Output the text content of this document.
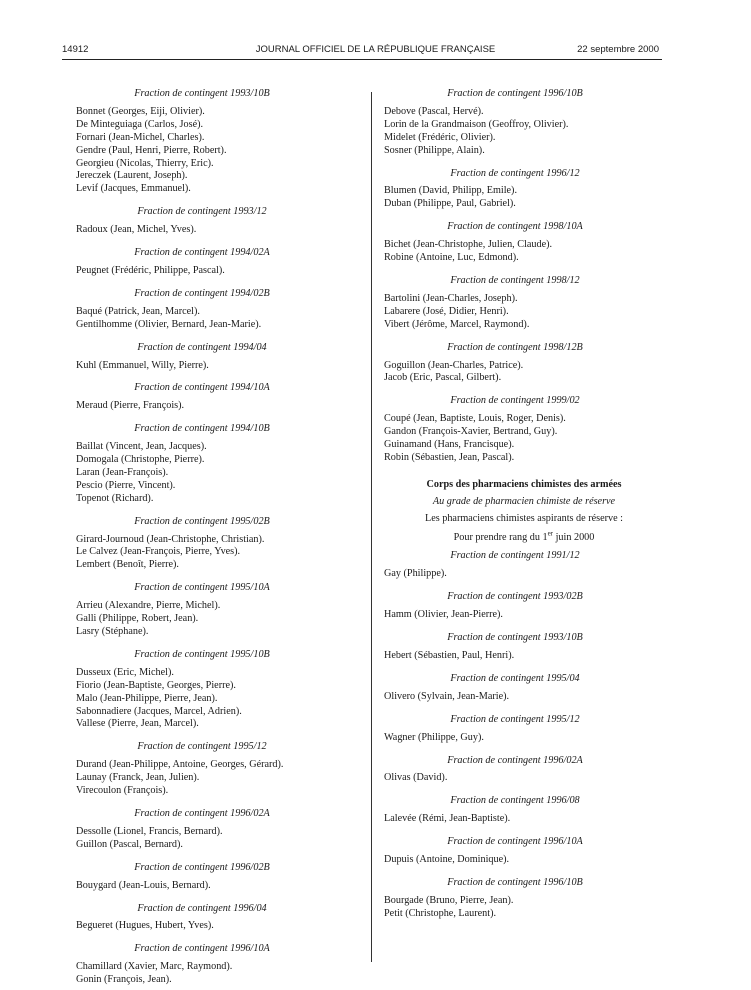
14912	JOURNAL OFFICIEL DE LA RÉPUBLIQUE FRANÇAISE	22 septembre 2000
Fraction de contingent 1993/10B
Bonnet (Georges, Eiji, Olivier).
De Minteguiaga (Carlos, José).
Fornari (Jean-Michel, Charles).
Gendre (Paul, Henri, Pierre, Robert).
Georgieu (Nicolas, Thierry, Eric).
Jereczek (Laurent, Joseph).
Levif (Jacques, Emmanuel).
Fraction de contingent 1993/12
Radoux (Jean, Michel, Yves).
Fraction de contingent 1994/02A
Peugnet (Frédéric, Philippe, Pascal).
Fraction de contingent 1994/02B
Baqué (Patrick, Jean, Marcel).
Gentilhomme (Olivier, Bernard, Jean-Marie).
Fraction de contingent 1994/04
Kuhl (Emmanuel, Willy, Pierre).
Fraction de contingent 1994/10A
Meraud (Pierre, François).
Fraction de contingent 1994/10B
Baillat (Vincent, Jean, Jacques).
Domogala (Christophe, Pierre).
Laran (Jean-François).
Pescio (Pierre, Vincent).
Topenot (Richard).
Fraction de contingent 1995/02B
Girard-Journoud (Jean-Christophe, Christian).
Le Calvez (Jean-François, Pierre, Yves).
Lembert (Benoît, Pierre).
Fraction de contingent 1995/10A
Arrieu (Alexandre, Pierre, Michel).
Galli (Philippe, Robert, Jean).
Lasry (Stéphane).
Fraction de contingent 1995/10B
Dusseux (Eric, Michel).
Fiorio (Jean-Baptiste, Georges, Pierre).
Malo (Jean-Philippe, Pierre, Jean).
Sabonnadiere (Jacques, Marcel, Adrien).
Vallese (Pierre, Jean, Marcel).
Fraction de contingent 1995/12
Durand (Jean-Philippe, Antoine, Georges, Gérard).
Launay (Franck, Jean, Julien).
Virecoulon (François).
Fraction de contingent 1996/02A
Dessolle (Lionel, Francis, Bernard).
Guillon (Pascal, Bernard).
Fraction de contingent 1996/02B
Bouygard (Jean-Louis, Bernard).
Fraction de contingent 1996/04
Begueret (Hugues, Hubert, Yves).
Fraction de contingent 1996/10A
Chamillard (Xavier, Marc, Raymond).
Gonin (François, Jean).
Fraction de contingent 1996/10B
Debove (Pascal, Hervé).
Lorin de la Grandmaison (Geoffroy, Olivier).
Midelet (Frédéric, Olivier).
Sosner (Philippe, Alain).
Fraction de contingent 1996/12
Blumen (David, Philipp, Emile).
Duban (Philippe, Paul, Gabriel).
Fraction de contingent 1998/10A
Bichet (Jean-Christophe, Julien, Claude).
Robine (Antoine, Luc, Edmond).
Fraction de contingent 1998/12
Bartolini (Jean-Charles, Joseph).
Labarere (José, Didier, Henri).
Vibert (Jérôme, Marcel, Raymond).
Fraction de contingent 1998/12B
Goguillon (Jean-Charles, Patrice).
Jacob (Eric, Pascal, Gilbert).
Fraction de contingent 1999/02
Coupé (Jean, Baptiste, Louis, Roger, Denis).
Gandon (François-Xavier, Bertrand, Guy).
Guinamand (Hans, Francisque).
Robin (Sébastien, Jean, Pascal).
Corps des pharmaciens chimistes des armées
Au grade de pharmacien chimiste de réserve
Les pharmaciens chimistes aspirants de réserve :
Pour prendre rang du 1er juin 2000
Fraction de contingent 1991/12
Gay (Philippe).
Fraction de contingent 1993/02B
Hamm (Olivier, Jean-Pierre).
Fraction de contingent 1993/10B
Hebert (Sébastien, Paul, Henri).
Fraction de contingent 1995/04
Olivero (Sylvain, Jean-Marie).
Fraction de contingent 1995/12
Wagner (Philippe, Guy).
Fraction de contingent 1996/02A
Olivas (David).
Fraction de contingent 1996/08
Lalevée (Rémi, Jean-Baptiste).
Fraction de contingent 1996/10A
Dupuis (Antoine, Dominique).
Fraction de contingent 1996/10B
Bourgade (Bruno, Pierre, Jean).
Petit (Christophe, Laurent).
